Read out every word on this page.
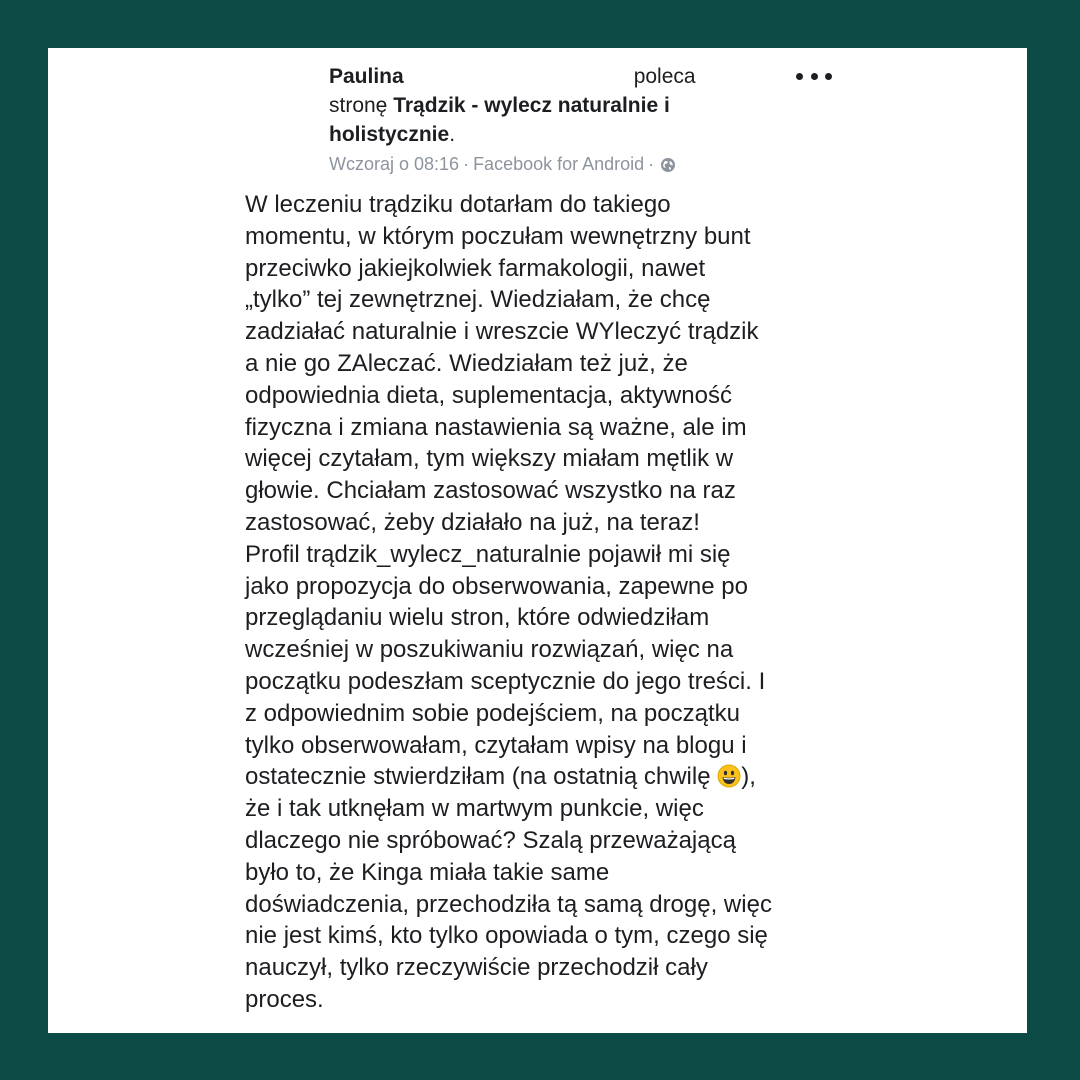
Paulina	poleca
stronę Trądzik - wylecz naturalnie i holistycznie.
Wczoraj o 08:16 · Facebook for Android ·

W leczeniu trądziku dotarłam do takiego
momentu, w którym poczułam wewnętrzny bunt
przeciwko jakiejkolwiek farmakologii, nawet
„tylko” tej zewnętrznej. Wiedziałam, że chcę
zadziałać naturalnie i wreszcie WYleczyć trądzik
a nie go ZAleczać. Wiedziałam też już, że
odpowiednia dieta, suplementacja, aktywność
fizyczna i zmiana nastawienia są ważne, ale im
więcej czytałam, tym większy miałam mętlik w
głowie. Chciałam zastosować wszystko na raz
zastosować, żeby działało na już, na teraz!
Profil trądzik_wylecz_naturalnie pojawił mi się
jako propozycja do obserwowania, zapewne po
przeglądaniu wielu stron, które odwiedziłam
wcześniej w poszukiwaniu rozwiązań, więc na
początku podeszłam sceptycznie do jego treści. I
z odpowiednim sobie podejściem, na początku
tylko obserwowałam, czytałam wpisy na blogu i
ostatecznie stwierdziłam (na ostatnią chwilę ),
że i tak utknęłam w martwym punkcie, więc
dlaczego nie spróbować? Szalą przeważającą
było to, że Kinga miała takie same
doświadczenia, przechodziła tą samą drogę, więc
nie jest kimś, kto tylko opowiada o tym, czego się
nauczył, tylko rzeczywiście przechodził cały
proces.
